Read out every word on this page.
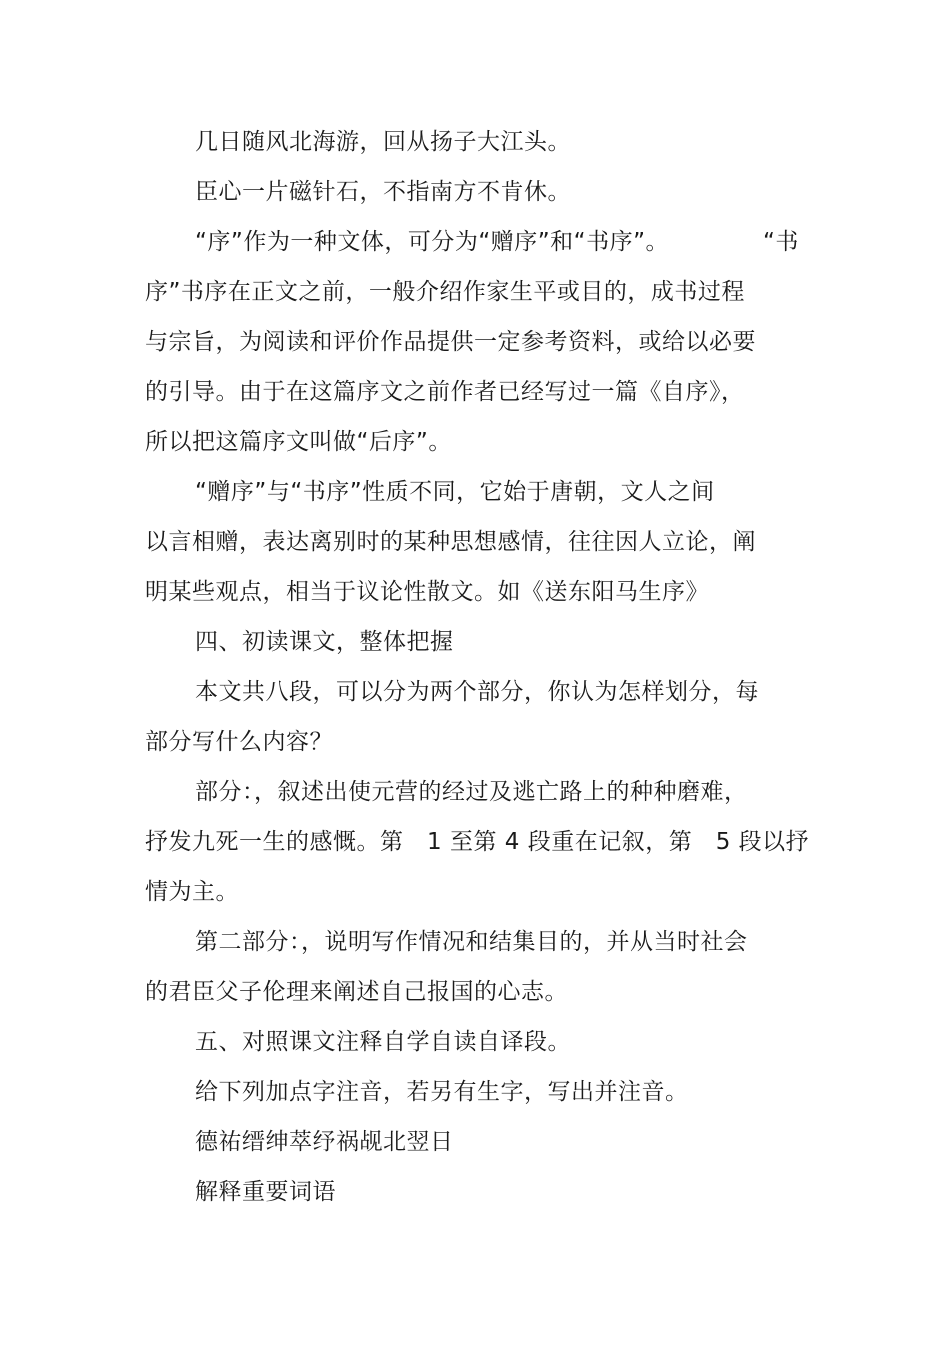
几日随风北海游，回从扬子大江头。
臣心一片磁针石，不指南方不肯休。
“序”作为一种文体，可分为“赠序”和“书序”。	“书
序”书序在正文之前，一般介绍作家生平或目的，成书过程
与宗旨，为阅读和评价作品提供一定参考资料，或给以必要
的引导。由于在这篇序文之前作者已经写过一篇《自序》，
所以把这篇序文叫做“后序”。
“赠序”与“书序”性质不同，它始于唐朝，文人之间
以言相赠，表达离别时的某种思想感情，往往因人立论，阐
明某些观点，相当于议论性散文。如《送东阳马生序》
四、初读课文，整体把握
本文共八段，可以分为两个部分，你认为怎样划分，每
部分写什么内容？
部分：，叙述出使元营的经过及逃亡路上的种种磨难，
抒发九死一生的感慨。第　1 至第 4 段重在记叙，第　5 段以抒
情为主。
第二部分：，说明写作情况和结集目的，并从当时社会
的君臣父子伦理来阐述自己报国的心志。
五、对照课文注释自学自读自译段。
给下列加点字注音，若另有生字，写出并注音。
德祐缙绅萃纾祸觇北翌日
解释重要词语
